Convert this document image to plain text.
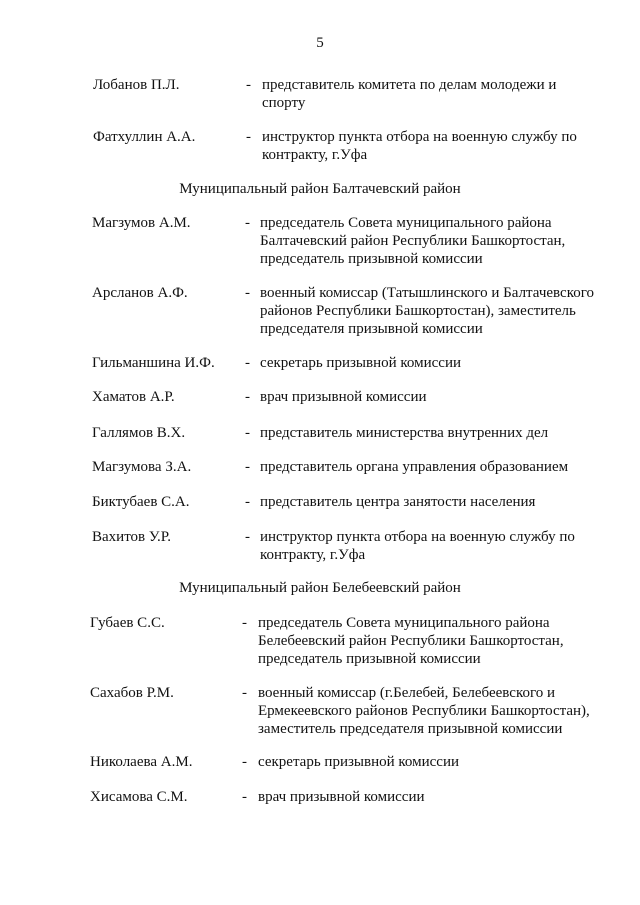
5
Лобанов П.Л.	- представитель комитета по делам молодежи и
спорту
Фатхуллин А.А.	- инструктор пункта отбора на военную службу по
контракту, г.Уфа
Муниципальный район Балтачевский район
Магзумов А.М.	- председатель Совета муниципального района
Балтачевский район Республики Башкортостан,
председатель призывной комиссии
Арсланов А.Ф.	- военный комиссар (Татышлинского и Балтачевского
районов Республики Башкортостан), заместитель
председателя призывной комиссии
Гильманшина И.Ф. - секретарь призывной комиссии
Хаматов А.Р.	- врач призывной комиссии
Галлямов В.Х.	- представитель министерства внутренних дел
Магзумова З.А.	- представитель органа управления образованием
Биктубаев С.А.	- представитель центра занятости населения
Вахитов У.Р.	- инструктор пункта отбора на военную службу по
контракту, г.Уфа
Муниципальный район Белебеевский район
Губаев С.С.	- председатель Совета муниципального района
Белебеевский район Республики Башкортостан,
председатель призывной комиссии
Сахабов Р.М.	- военный комиссар (г.Белебей, Белебеевского и
Ермекеевского районов Республики Башкортостан),
заместитель председателя призывной комиссии
Николаева А.М.	- секретарь призывной комиссии
Хисамова С.М.	- врач призывной комиссии
